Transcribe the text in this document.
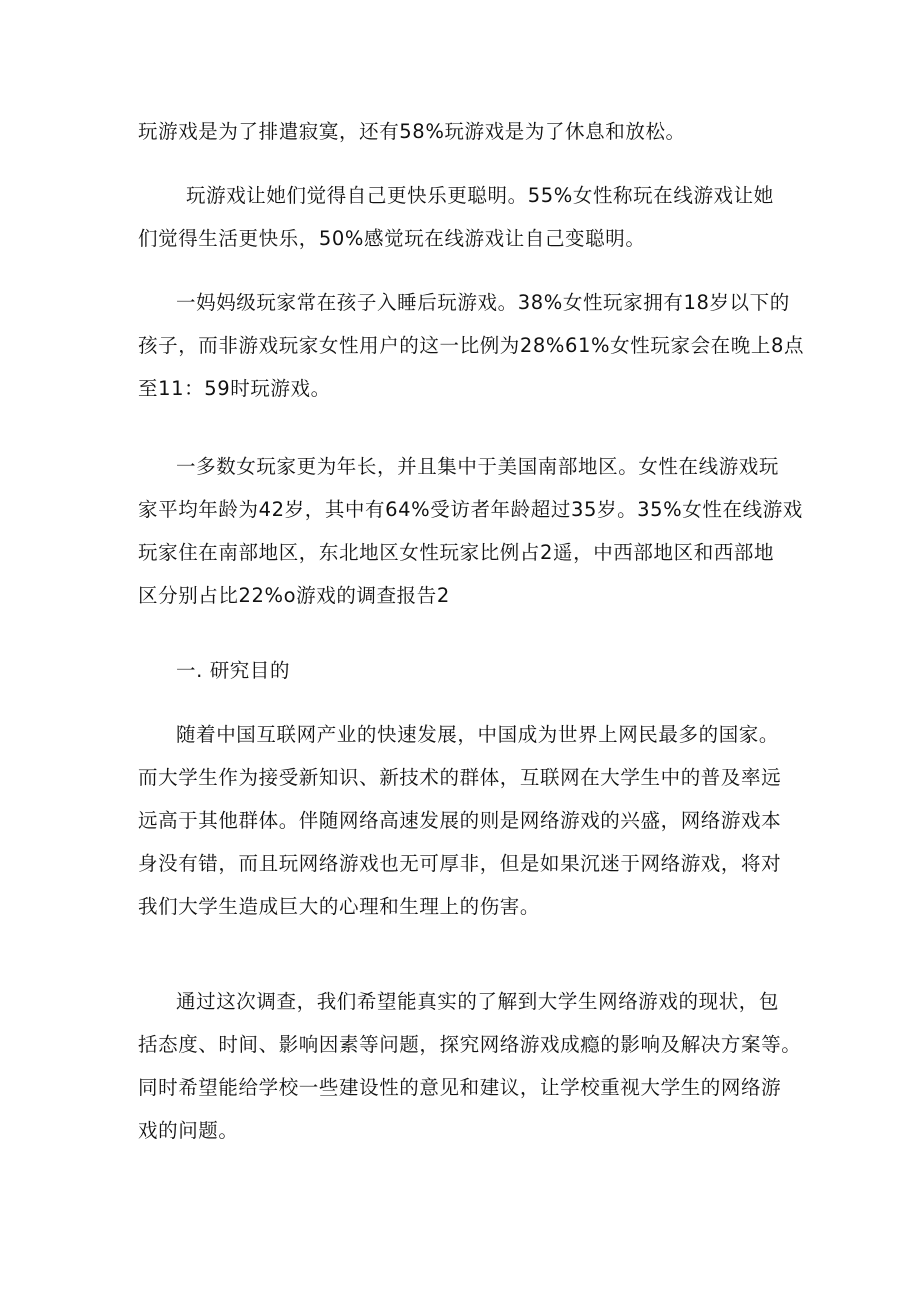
玩游戏是为了排遣寂寞，还有58%玩游戏是为了休息和放松。
玩游戏让她们觉得自己更快乐更聪明。55%女性称玩在线游戏让她
们觉得生活更快乐，50%感觉玩在线游戏让自己变聪明。
一妈妈级玩家常在孩子入睡后玩游戏。38%女性玩家拥有18岁以下的
孩子，而非游戏玩家女性用户的这一比例为28%61%女性玩家会在晚上8点
至11：59时玩游戏。
一多数女玩家更为年长，并且集中于美国南部地区。女性在线游戏玩
家平均年龄为42岁，其中有64%受访者年龄超过35岁。35%女性在线游戏
玩家住在南部地区，东北地区女性玩家比例占2遥，中西部地区和西部地
区分别占比22%o游戏的调查报告2
一. 研究目的
随着中国互联网产业的快速发展，中国成为世界上网民最多的国家。
而大学生作为接受新知识、新技术的群体，互联网在大学生中的普及率远
远高于其他群体。伴随网络高速发展的则是网络游戏的兴盛，网络游戏本
身没有错，而且玩网络游戏也无可厚非，但是如果沉迷于网络游戏，将对
我们大学生造成巨大的心理和生理上的伤害。
通过这次调查，我们希望能真实的了解到大学生网络游戏的现状，包
括态度、时间、影响因素等问题，探究网络游戏成瘾的影响及解决方案等。
同时希望能给学校一些建设性的意见和建议，让学校重视大学生的网络游
戏的问题。
